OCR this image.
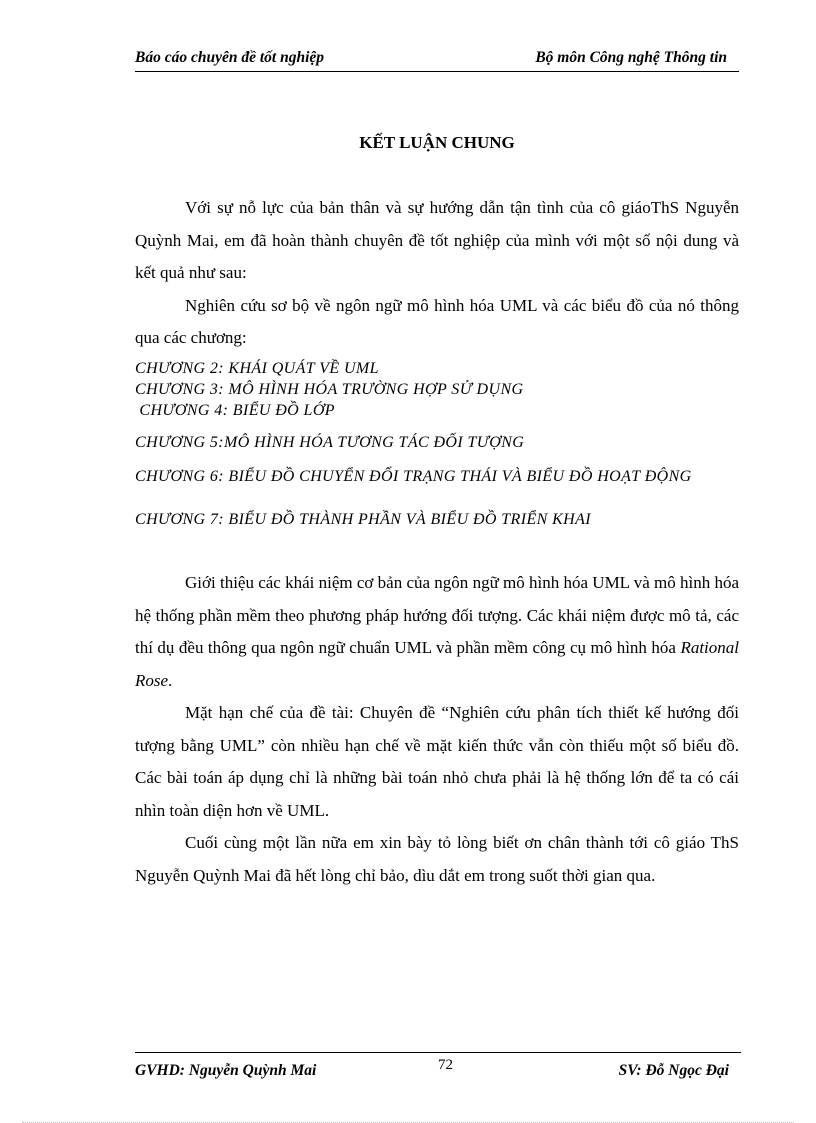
Báo cáo chuyên đề tốt nghiệp	Bộ môn Công nghệ Thông tin
KẾT LUẬN CHUNG

Với sự nỗ lực của bản thân và sự hướng dẫn tận tình của cô giáoThS Nguyễn Quỳnh Mai, em đã hoàn thành chuyên đề tốt nghiệp của mình với một số nội dung và kết quả như sau:

Nghiên cứu sơ bộ về ngôn ngữ mô hình hóa UML và các biểu đồ của nó thông qua các chương:

CHƯƠNG 2: KHÁI QUÁT VỀ UML
CHƯƠNG 3: MÔ HÌNH HÓA TRƯỜNG HỢP SỬ DỤNG
CHƯƠNG 4: BIỂU ĐỒ LỚP
CHƯƠNG 5:MÔ HÌNH HÓA TƯƠNG TÁC ĐỐI TƯỢNG
CHƯƠNG 6: BIỂU ĐỒ CHUYỂN ĐỔI TRẠNG THÁI VÀ BIỂU ĐỒ HOẠT ĐỘNG
CHƯƠNG 7: BIỂU ĐỒ THÀNH PHẦN VÀ BIỂU ĐỒ TRIỂN KHAI

Giới thiệu các khái niệm cơ bản của ngôn ngữ mô hình hóa UML và mô hình hóa hệ thống phần mềm theo phương pháp hướng đối tượng. Các khái niệm được mô tả, các thí dụ đều thông qua ngôn ngữ chuẩn UML và phần mềm công cụ mô hình hóa Rational Rose.

Mặt hạn chế của đề tài: Chuyên đề “Nghiên cứu phân tích thiết kế hướng đối tượng bằng UML” còn nhiều hạn chế về mặt kiến thức vẫn còn thiếu một số biểu đồ. Các bài toán áp dụng chỉ là những bài toán nhỏ chưa phải là hệ thống lớn để ta có cái nhìn toàn diện hơn về UML.

Cuối cùng một lần nữa em xin bày tỏ lòng biết ơn chân thành tới cô giáo ThS Nguyễn Quỳnh Mai đã hết lòng chỉ bảo, dìu dắt em trong suốt thời gian qua.

GVHD: Nguyễn Quỳnh Mai	72	SV: Đỗ Ngọc Đại
